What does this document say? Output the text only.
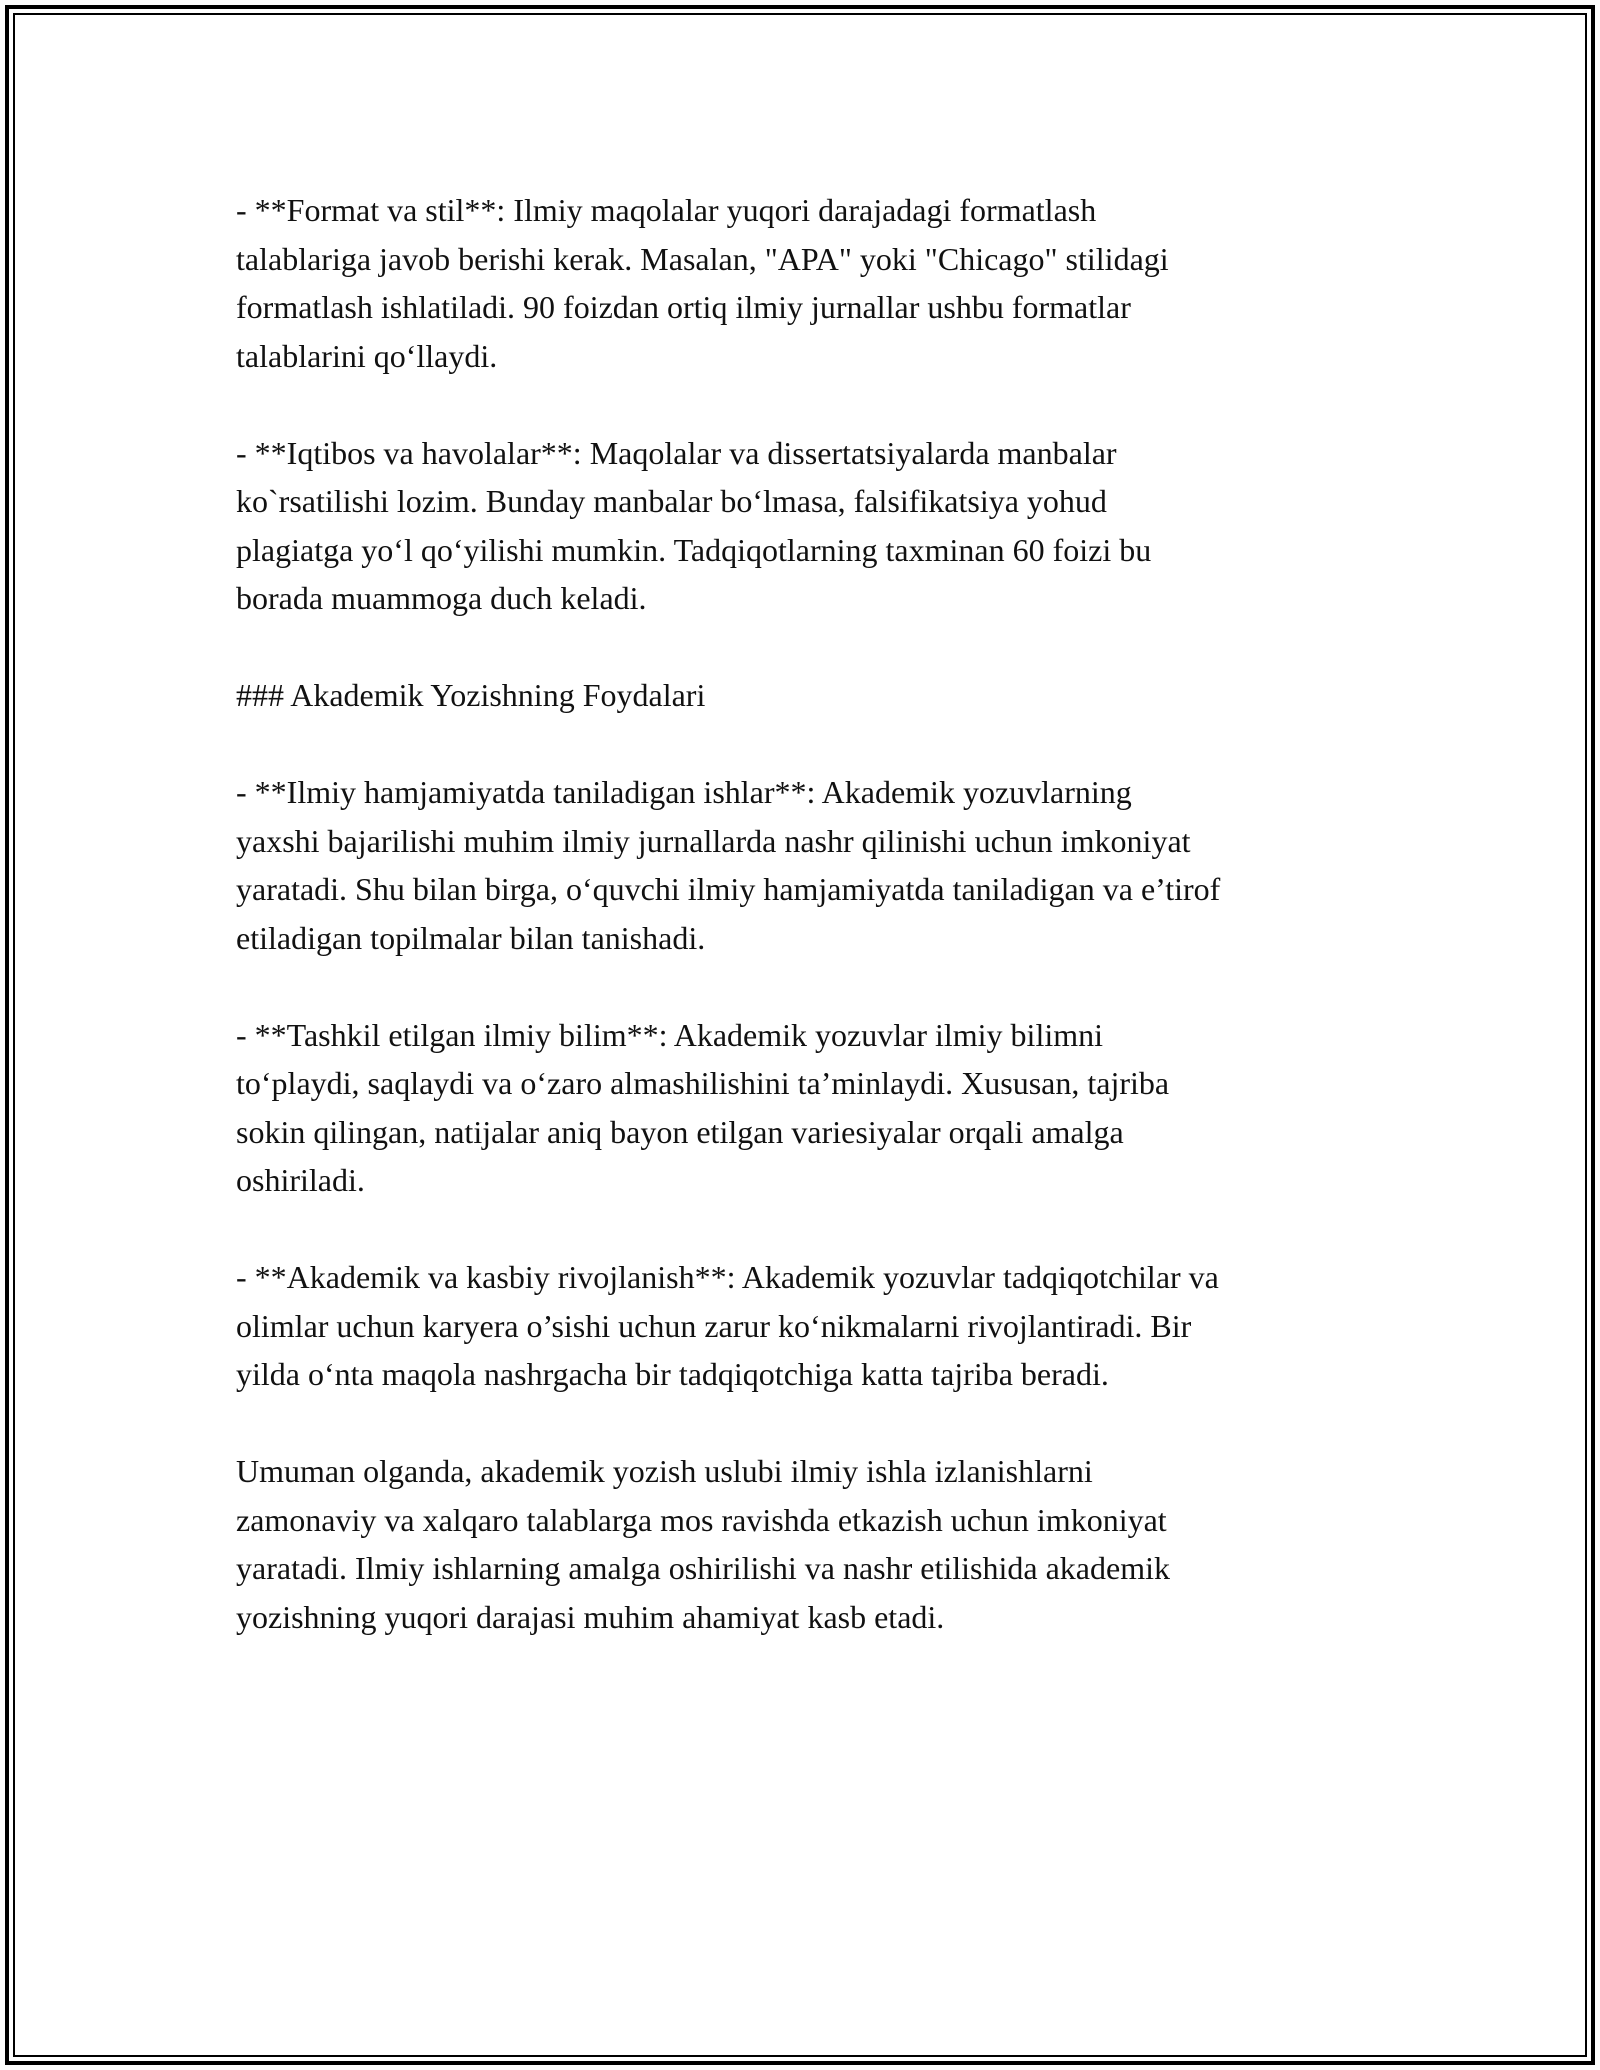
- **Format va stil**: Ilmiy maqolalar yuqori darajadagi formatlash
talablariga javob berishi kerak. Masalan, "APA" yoki "Chicago" stilidagi
formatlash ishlatiladi. 90 foizdan ortiq ilmiy jurnallar ushbu formatlar
talablarini qo‘llaydi.

- **Iqtibos va havolalar**: Maqolalar va dissertatsiyalarda manbalar
ko`rsatilishi lozim. Bunday manbalar bo‘lmasa, falsifikatsiya yohud
plagiatga yo‘l qo‘yilishi mumkin. Tadqiqotlarning taxminan 60 foizi bu
borada muammoga duch keladi.

### Akademik Yozishning Foydalari

- **Ilmiy hamjamiyatda taniladigan ishlar**: Akademik yozuvlarning
yaxshi bajarilishi muhim ilmiy jurnallarda nashr qilinishi uchun imkoniyat
yaratadi. Shu bilan birga, o‘quvchi ilmiy hamjamiyatda taniladigan va e’tirof
etiladigan topilmalar bilan tanishadi.

- **Tashkil etilgan ilmiy bilim**: Akademik yozuvlar ilmiy bilimni
to‘playdi, saqlaydi va o‘zaro almashilishini ta’minlaydi. Xususan, tajriba
sokin qilingan, natijalar aniq bayon etilgan variesiyalar orqali amalga
oshiriladi.

- **Akademik va kasbiy rivojlanish**: Akademik yozuvlar tadqiqotchilar va
olimlar uchun karyera o’sishi uchun zarur ko‘nikmalarni rivojlantiradi. Bir
yilda o‘nta maqola nashrgacha bir tadqiqotchiga katta tajriba beradi.

Umuman olganda, akademik yozish uslubi ilmiy ishla izlanishlarni
zamonaviy va xalqaro talablarga mos ravishda etkazish uchun imkoniyat
yaratadi. Ilmiy ishlarning amalga oshirilishi va nashr etilishida akademik
yozishning yuqori darajasi muhim ahamiyat kasb etadi.
